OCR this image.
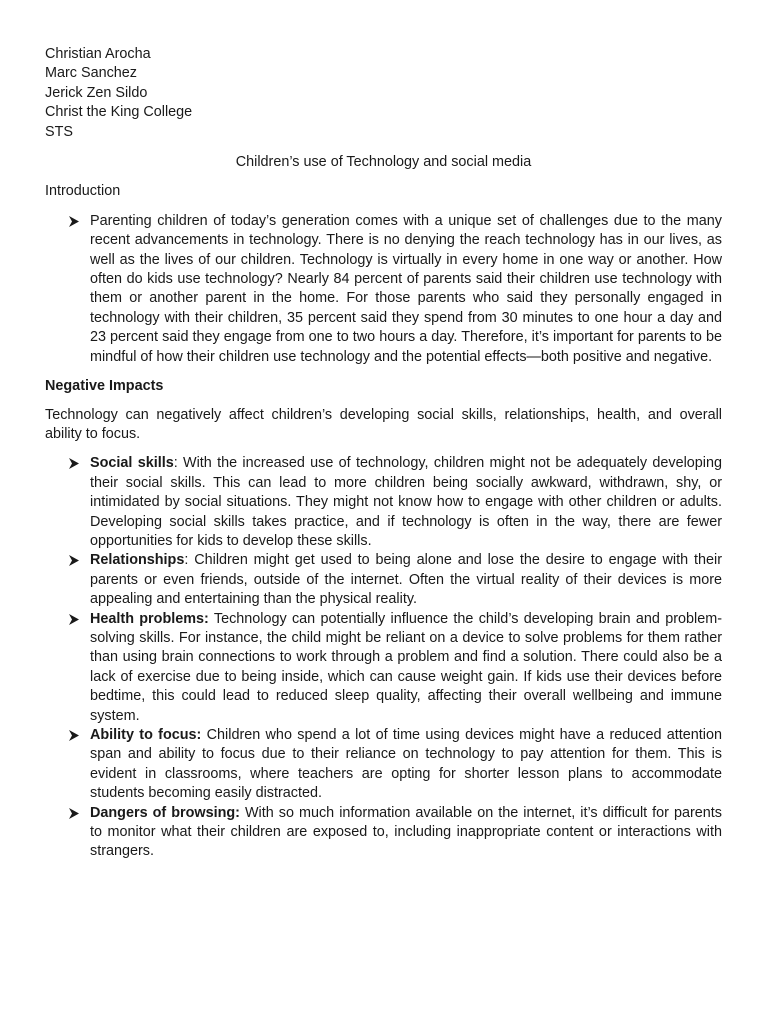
Christian Arocha

Marc Sanchez

Jerick Zen Sildo

Christ the King College

STS

Children’s use of Technology and social media

Introduction

Parenting children of today’s generation comes with a unique set of challenges due to the many recent advancements in technology. There is no denying the reach technology has in our lives, as well as the lives of our children. Technology is virtually in every home in one way or another. How often do kids use technology? Nearly 84 percent of parents said their children use technology with them or another parent in the home. For those parents who said they personally engaged in technology with their children, 35 percent said they spend from 30 minutes to one hour a day and 23 percent said they engage from one to two hours a day. Therefore, it’s important for parents to be mindful of how their children use technology and the potential effects—both positive and negative.

Negative Impacts

Technology can negatively affect children’s developing social skills, relationships, health, and overall ability to focus.

Social skills: With the increased use of technology, children might not be adequately developing their social skills. This can lead to more children being socially awkward, withdrawn, shy, or intimidated by social situations. They might not know how to engage with other children or adults. Developing social skills takes practice, and if technology is often in the way, there are fewer opportunities for kids to develop these skills.
Relationships: Children might get used to being alone and lose the desire to engage with their parents or even friends, outside of the internet. Often the virtual reality of their devices is more appealing and entertaining than the physical reality.
Health problems: Technology can potentially influence the child’s developing brain and problem-solving skills. For instance, the child might be reliant on a device to solve problems for them rather than using brain connections to work through a problem and find a solution. There could also be a lack of exercise due to being inside, which can cause weight gain. If kids use their devices before bedtime, this could lead to reduced sleep quality, affecting their overall wellbeing and immune system.
Ability to focus: Children who spend a lot of time using devices might have a reduced attention span and ability to focus due to their reliance on technology to pay attention for them. This is evident in classrooms, where teachers are opting for shorter lesson plans to accommodate students becoming easily distracted.
Dangers of browsing: With so much information available on the internet, it’s difficult for parents to monitor what their children are exposed to, including inappropriate content or interactions with strangers.
